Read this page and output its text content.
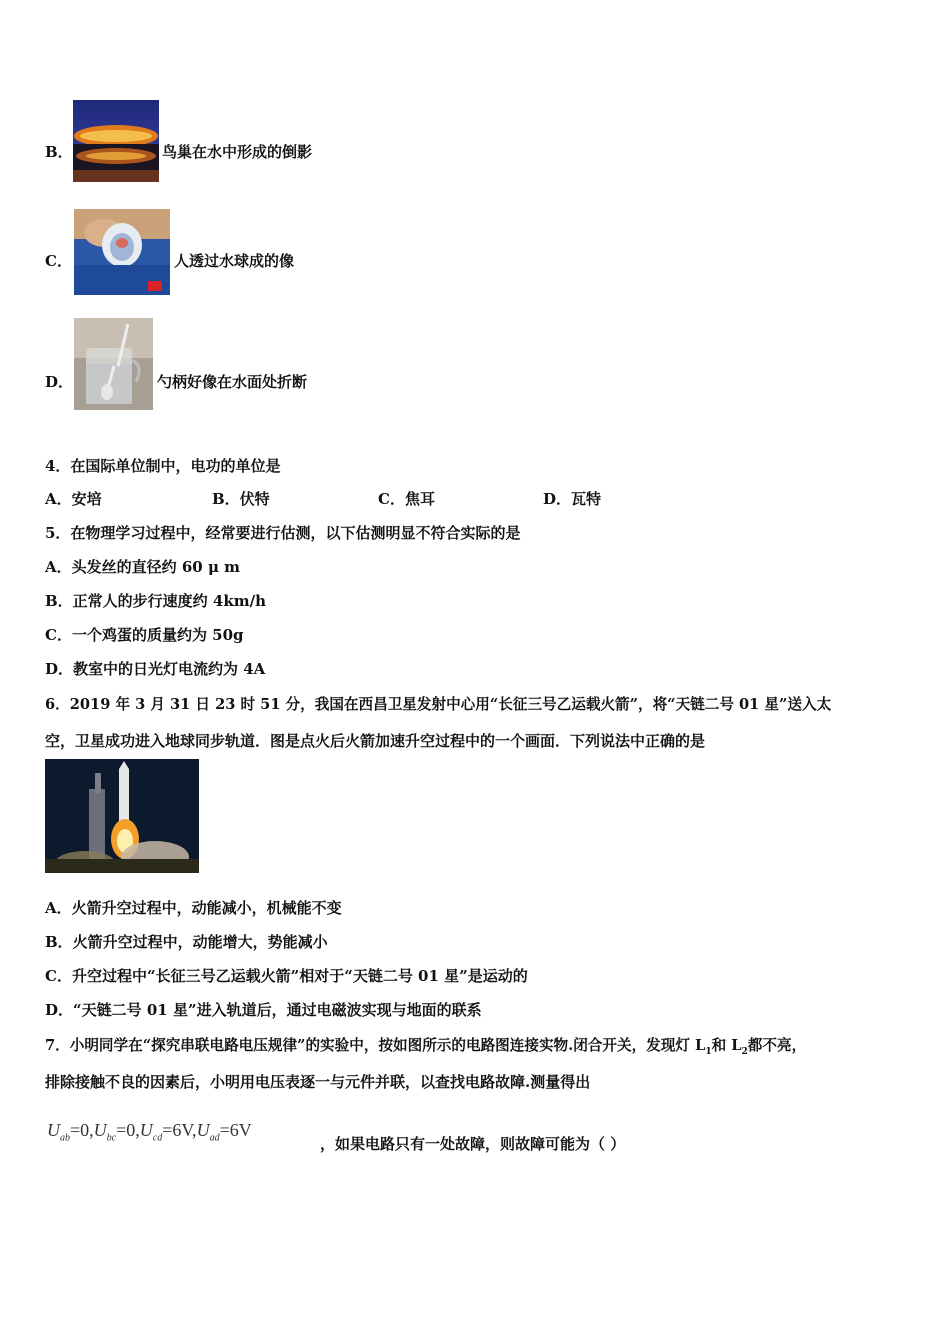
B．	鸟巢在水中形成的倒影
C．	人透过水球成的像
D．	勺柄好像在水面处折断
4．在国际单位制中，电功的单位是
A．安培	B．伏特	C．焦耳	D．瓦特
5．在物理学习过程中，经常要进行估测，以下估测明显不符合实际的是
A．头发丝的直径约 60 μ m
B．正常人的步行速度约 4km/h
C．一个鸡蛋的质量约为 50g
D．教室中的日光灯电流约为 4A
6．2019 年 3 月 31 日 23 时 51 分，我国在西昌卫星发射中心用“长征三号乙运载火箭”，将“天链二号 01 星”送入太
空，卫星成功进入地球同步轨道．图是点火后火箭加速升空过程中的一个画面．下列说法中正确的是
A．火箭升空过程中，动能减小，机械能不变
B．火箭升空过程中，动能增大，势能减小
C．升空过程中“长征三号乙运载火箭”相对于“天链二号 01 星”是运动的
D．“天链二号 01 星”进入轨道后，通过电磁波实现与地面的联系
7．小明同学在“探究串联电路电压规律”的实验中，按如图所示的电路图连接实物.闭合开关，发现灯 $L_1$和 $L_2$都不亮，
排除接触不良的因素后，小明用电压表逐一与元件并联，以查找电路故障.测量得出
$U_{ab}=0,U_{bc}=0,U_{cd}=6V,U_{ad}=6V$
，如果电路只有一处故障，则故障可能为（ ）
